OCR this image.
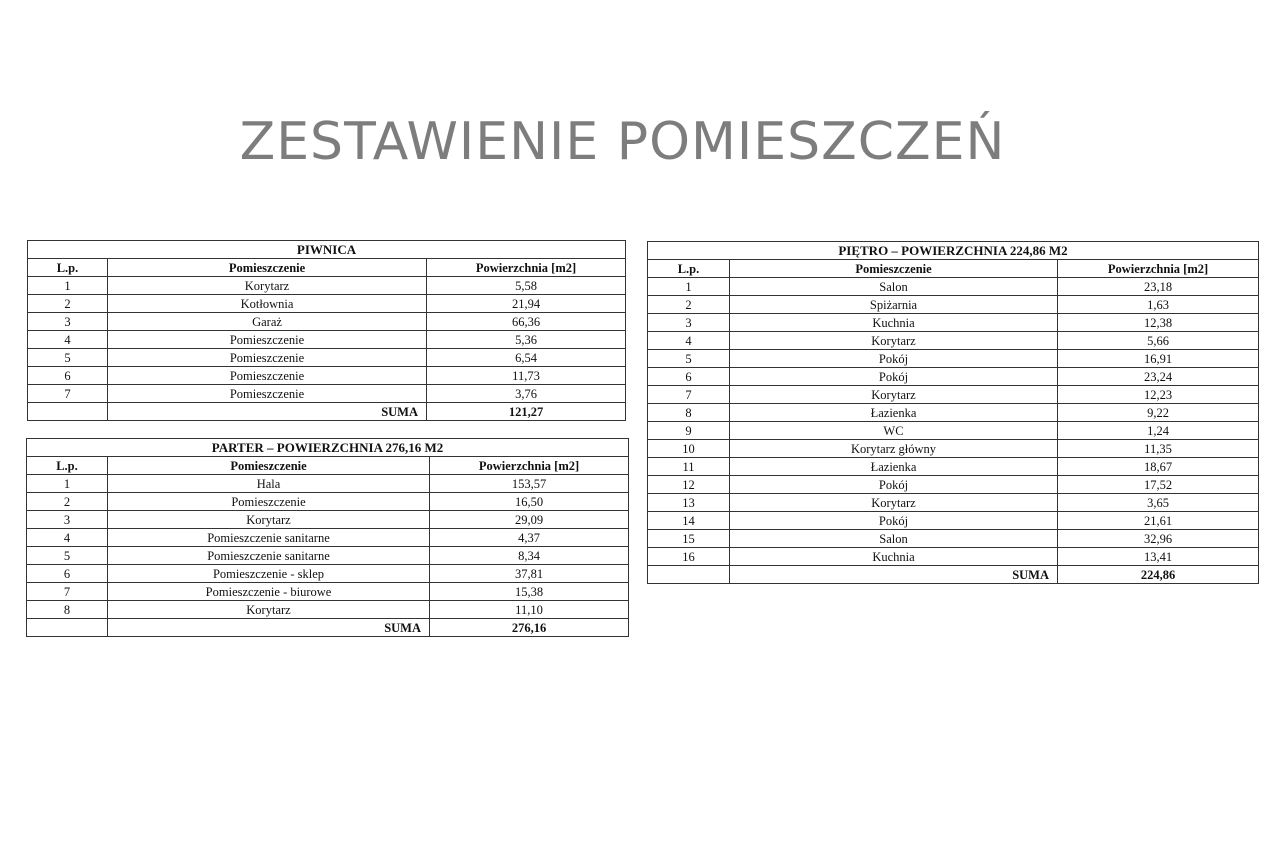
ZESTAWIENIE POMIESZCZEŃ
PIWNICA		
L.p.	Pomieszczenie	Powierzchnia [m2]
1	Korytarz	5,58
2	Kotłownia	21,94
3	Garaż	66,36
4	Pomieszczenie	5,36
5	Pomieszczenie	6,54
6	Pomieszczenie	11,73
7	Pomieszczenie	3,76
	SUMA	121,27
PARTER – POWIERZCHNIA 276,16 M2		
L.p.	Pomieszczenie	Powierzchnia [m2]
1	Hala	153,57
2	Pomieszczenie	16,50
3	Korytarz	29,09
4	Pomieszczenie sanitarne	4,37
5	Pomieszczenie sanitarne	8,34
6	Pomieszczenie - sklep	37,81
7	Pomieszczenie - biurowe	15,38
8	Korytarz	11,10
	SUMA	276,16
PIĘTRO – POWIERZCHNIA 224,86 M2		
L.p.	Pomieszczenie	Powierzchnia [m2]
1	Salon	23,18
2	Spiżarnia	1,63
3	Kuchnia	12,38
4	Korytarz	5,66
5	Pokój	16,91
6	Pokój	23,24
7	Korytarz	12,23
8	Łazienka	9,22
9	WC	1,24
10	Korytarz główny	11,35
11	Łazienka	18,67
12	Pokój	17,52
13	Korytarz	3,65
14	Pokój	21,61
15	Salon	32,96
16	Kuchnia	13,41
	SUMA	224,86
